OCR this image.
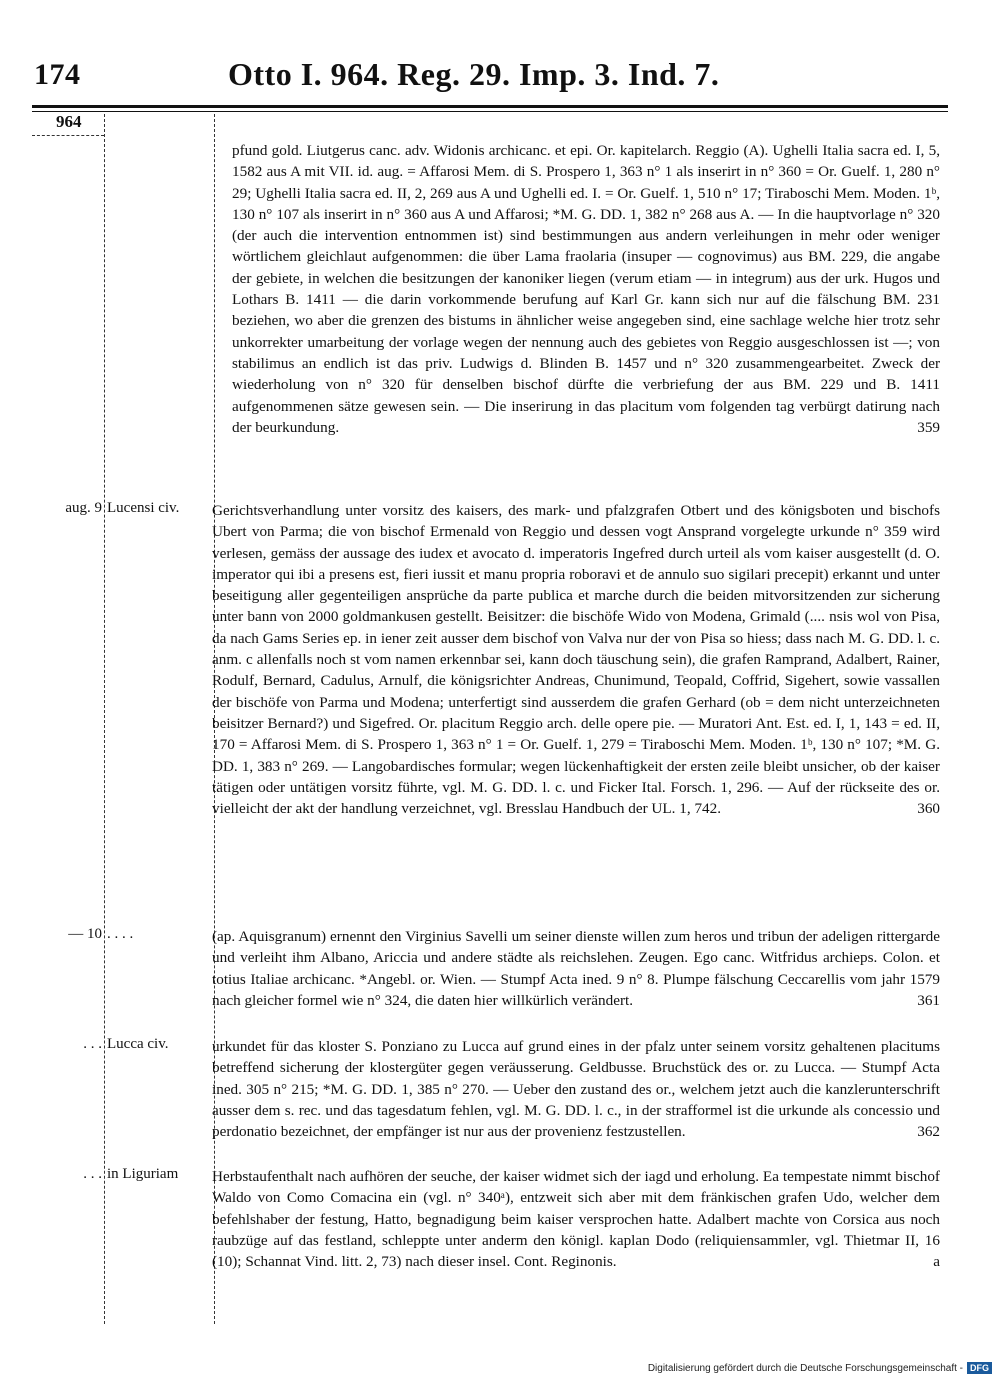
174	Otto I. 964. Reg. 29. Imp. 3. Ind. 7.
964
pfund gold. Liutgerus canc. adv. Widonis archicanc. et epi. Or. kapitelarch. Reggio (A). Ughelli Italia sacra ed. I, 5, 1582 aus A mit VII. id. aug. = Affarosi Mem. di S. Prospero 1, 363 n° 1 als inserirt in n° 360 = Or. Guelf. 1, 280 n° 29; Ughelli Italia sacra ed. II, 2, 269 aus A und Ughelli ed. I. = Or. Guelf. 1, 510 n° 17; Tiraboschi Mem. Moden. 1ᵇ, 130 n° 107 als inserirt in n° 360 aus A und Affarosi; *M. G. DD. 1, 382 n° 268 aus A. — In die hauptvorlage n° 320 (der auch die intervention entnommen ist) sind bestimmungen aus andern verleihungen in mehr oder weniger wörtlichem gleichlaut aufgenommen: die über Lama fraolaria (insuper — cognovimus) aus BM. 229, die angabe der gebiete, in welchen die besitzungen der kanoniker liegen (verum etiam — in integrum) aus der urk. Hugos und Lothars B. 1411 — die darin vorkommende berufung auf Karl Gr. kann sich nur auf die fälschung BM. 231 beziehen, wo aber die grenzen des bistums in ähnlicher weise angegeben sind, eine sachlage welche hier trotz sehr unkorrekter umarbeitung der vorlage wegen der nennung auch des gebietes von Reggio ausgeschlossen ist —; von stabilimus an endlich ist das priv. Ludwigs d. Blinden B. 1457 und n° 320 zusammengearbeitet. Zweck der wiederholung von n° 320 für denselben bischof dürfte die verbriefung der aus BM. 229 und B. 1411 aufgenommenen sätze gewesen sein. — Die inserirung in das placitum vom folgenden tag verbürgt datirung nach der beurkundung.	359
aug. 9 Lucensi civ.	Gerichtsverhandlung unter vorsitz des kaisers, des mark- und pfalzgrafen Otbert und des königsboten und bischofs Ubert von Parma; die von bischof Ermenald von Reggio und dessen vogt Ansprand vorgelegte urkunde n° 359 wird verlesen, gemäss der aussage des iudex et avocato d. imperatoris Ingefred durch urteil als vom kaiser ausgestellt (d. O. imperator qui ibi a presens est, fieri iussit et manu propria roboravi et de annulo suo sigilari precepit) erkannt und unter beseitigung aller gegenteiligen ansprüche da parte publica et marche durch die beiden mitvorsitzenden zur sicherung unter bann von 2000 goldmankusen gestellt. Beisitzer: die bischöfe Wido von Modena, Grimald (.... nsis wol von Pisa, da nach Gams Series ep. in iener zeit ausser dem bischof von Valva nur der von Pisa so hiess; dass nach M. G. DD. l. c. anm. c allenfalls noch st vom namen erkennbar sei, kann doch täuschung sein), die grafen Ramprand, Adalbert, Rainer, Rodulf, Bernard, Cadulus, Arnulf, die königsrichter Andreas, Chunimund, Teopald, Coffrid, Sigehert, sowie vassallen der bischöfe von Parma und Modena; unterfertigt sind ausserdem die grafen Gerhard (ob = dem nicht unterzeichneten beisitzer Bernard?) und Sigefred. Or. placitum Reggio arch. delle opere pie. — Muratori Ant. Est. ed. I, 1, 143 = ed. II, 170 = Affarosi Mem. di S. Prospero 1, 363 n° 1 = Or. Guelf. 1, 279 = Tiraboschi Mem. Moden. 1ᵇ, 130 n° 107; *M. G. DD. 1, 383 n° 269. — Langobardisches formular; wegen lückenhaftigkeit der ersten zeile bleibt unsicher, ob der kaiser tätigen oder untätigen vorsitz führte, vgl. M. G. DD. l. c. und Ficker Ital. Forsch. 1, 296. — Auf der rückseite des or. vielleicht der akt der handlung verzeichnet, vgl. Bresslau Handbuch der UL. 1, 742.	360
— 10 . . . .	(ap. Aquisgranum) ernennt den Virginius Savelli um seiner dienste willen zum heros und tribun der adeligen rittergarde und verleiht ihm Albano, Ariccia und andere städte als reichslehen. Zeugen. Ego canc. Witfridus archieps. Colon. et totius Italiae archicanc. *Angebl. or. Wien. — Stumpf Acta ined. 9 n° 8. Plumpe fälschung Ceccarellis vom jahr 1579 nach gleicher formel wie n° 324, die daten hier willkürlich verändert.	361
. . . Lucca civ.	urkundet für das kloster S. Ponziano zu Lucca auf grund eines in der pfalz unter seinem vorsitz gehaltenen placitums betreffend sicherung der klostergüter gegen veräusserung. Geldbusse. Bruchstück des or. zu Lucca. — Stumpf Acta ined. 305 n° 215; *M. G. DD. 1, 385 n° 270. — Ueber den zustand des or., welchem jetzt auch die kanzlerunterschrift ausser dem s. rec. und das tagesdatum fehlen, vgl. M. G. DD. l. c., in der strafformel ist die urkunde als concessio und perdonatio bezeichnet, der empfänger ist nur aus der provenienz festzustellen.	362
. . . in Liguriam	Herbstaufenthalt nach aufhören der seuche, der kaiser widmet sich der iagd und erholung. Ea tempestate nimmt bischof Waldo von Como Comacina ein (vgl. n° 340ᵃ), entzweit sich aber mit dem fränkischen grafen Udo, welcher dem befehlshaber der festung, Hatto, begnadigung beim kaiser versprochen hatte. Adalbert machte von Corsica aus noch raubzüge auf das festland, schleppte unter anderm den königl. kaplan Dodo (reliquiensammler, vgl. Thietmar II, 16 (10); Schannat Vind. litt. 2, 73) nach dieser insel. Cont. Reginonis.	a
Digitalisierung gefördert durch die Deutsche Forschungsgemeinschaft - DFG
